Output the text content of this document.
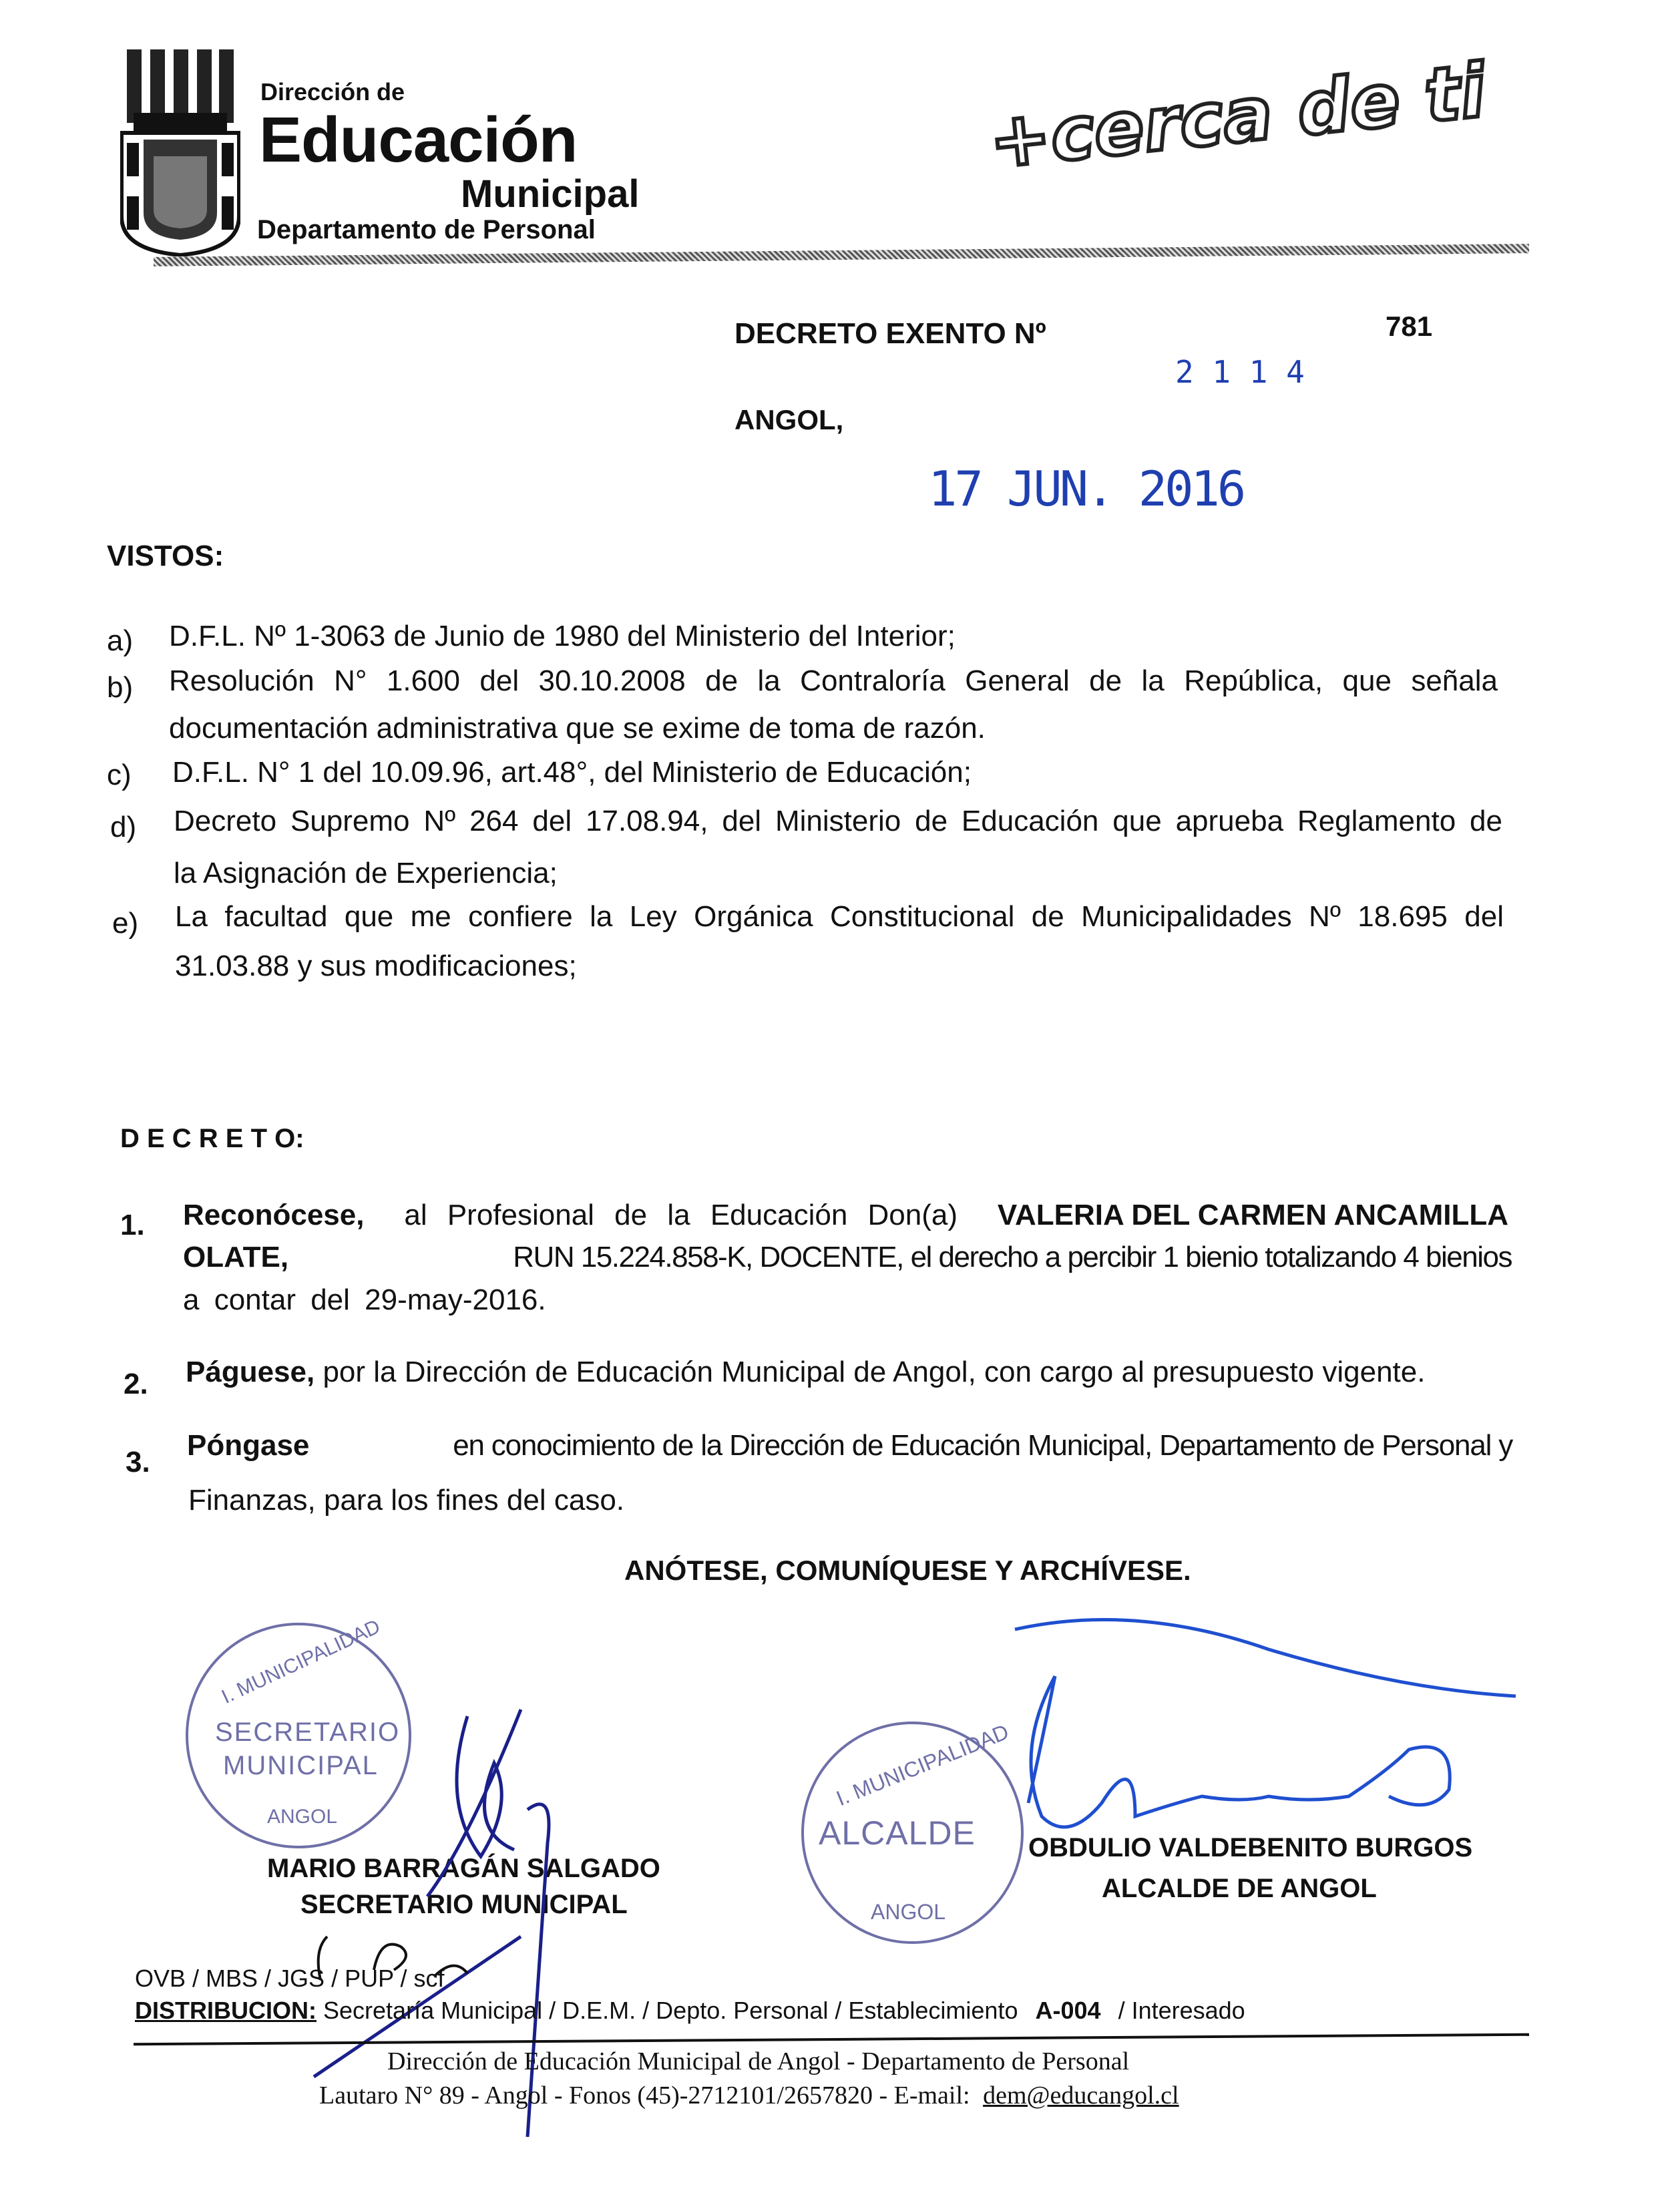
Dirección de
Educación
Municipal
Departamento de Personal
+cerca de ti
DECRETO EXENTO Nº	781
2 1 1 4
ANGOL,
17 JUN. 2016
VISTOS:
a) D.F.L. Nº 1-3063 de Junio de 1980 del Ministerio del Interior;
b) Resolución N° 1.600 del 30.10.2008 de la Contraloría General de la República, que señala
documentación administrativa que se exime de toma de razón.
c) D.F.L. N° 1 del 10.09.96, art.48°, del Ministerio de Educación;
d) Decreto Supremo Nº 264 del 17.08.94, del Ministerio de Educación que aprueba Reglamento de
la Asignación de Experiencia;
e) La facultad que me confiere la Ley Orgánica Constitucional de Municipalidades Nº 18.695 del
31.03.88 y sus modificaciones;
D E C R E T O:
1. Reconócese, al Profesional de la Educación Don(a) VALERIA DEL CARMEN ANCAMILLA
OLATE,	RUN 15.224.858-K, DOCENTE, el derecho a percibir 1 bienio totalizando 4 bienios
a contar del 29-may-2016.
2. Páguese, por la Dirección de Educación Municipal de Angol, con cargo al presupuesto vigente.
3.
Póngase	en conocimiento de la Dirección de Educación Municipal, Departamento de Personal y
Finanzas, para los fines del caso.
ANÓTESE, COMUNÍQUESE Y ARCHÍVESE.
I. MUNICIPALIDAD
SECRETARIO
MUNICIPAL
ANGOL
I. MUNICIPALIDAD
ALCALDE
ANGOL
MARIO BARRAGÁN SALGADO
SECRETARIO MUNICIPAL
OBDULIO VALDEBENITO BURGOS
ALCALDE DE ANGOL
OVB / MBS / JGS / PUP / scf
DISTRIBUCION: Secretaría Municipal / D.E.M. / Depto. Personal / Establecimiento A-004 / Interesado
Dirección de Educación Municipal de Angol - Departamento de Personal
Lautaro N° 89 - Angol - Fonos (45)-2712101/2657820 - E-mail: dem@educangol.cl
